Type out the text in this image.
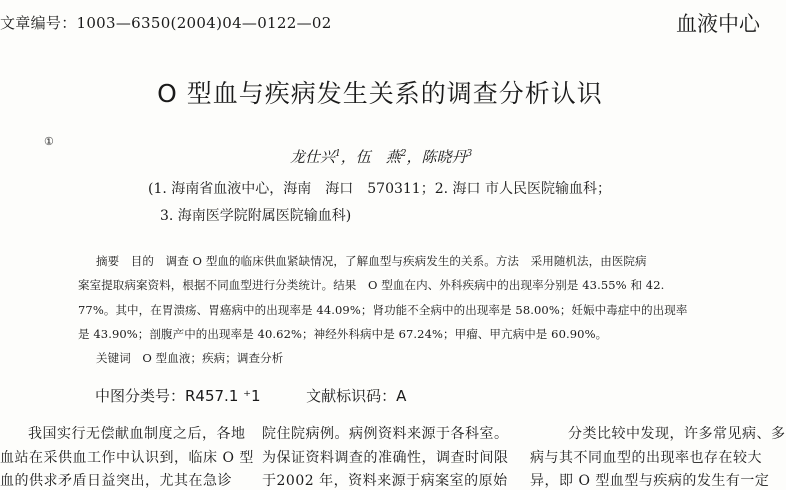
文章编号：1003—6350(2004)04—0122—02	血液中心
O 型血与疾病发生关系的调查分析认识
①
龙仕兴$^1$，伍　燕$^2$，陈晓丹$^3$
(1. 海南省血液中心，海南　海口　570311；2. 海口 市人民医院输血科；
3. 海南医学院附属医院输血科)
摘要　目的　调查 O 型血的临床供血紧缺情况，了解血型与疾病发生的关系。方法　采用随机法，由医院病
案室提取病案资料，根据不同血型进行分类统计。结果　O 型血在内、外科疾病中的出现率分别是 43.55% 和 42.
77%。其中，在胃溃疡、胃癌病中的出现率是 44.09%；肾功能不全病中的出现率是 58.00%；妊娠中毒症中的出现率
是 43.90%；剖腹产中的出现率是 40.62%；神经外科病中是 67.24%；甲瘤、甲亢病中是 60.90%。
关键词　O 型血液；疾病；调查分析
中图分类号：R457.1 ⁺1	文献标识码：A
我国实行无偿献血制度之后，各地
血站在采供血工作中认识到，临床 O 型
血的供求矛盾日益突出，尤其在急诊
院住院病例。病例资料来源于各科室。
为保证资料调查的准确性，调查时间限
于2002 年，资料来源于病案室的原始
分类比较中发现，许多常见病、多
病与其不同血型的出现率也存在较大
异，即 O 型血型与疾病的发生有一定
